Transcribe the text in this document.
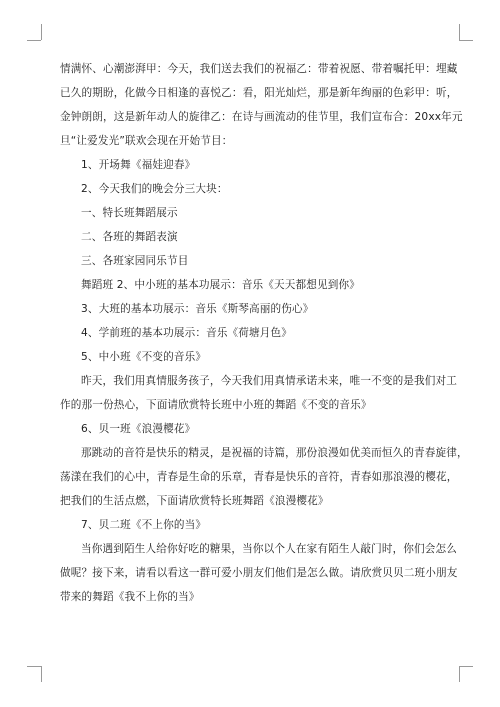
情满怀、心潮澎湃甲：今天，我们送去我们的祝福乙：带着祝愿、带着嘱托甲：埋藏
已久的期盼，化做今日相逢的喜悦乙：看，阳光灿烂，那是新年绚丽的色彩甲：听，
金钟朗朗，这是新年动人的旋律乙：在诗与画流动的佳节里，我们宣布合：20xx年元
旦“让爱发光”联欢会现在开始节目：
1、开场舞《福娃迎春》
2、今天我们的晚会分三大块：
一、特长班舞蹈展示
二、各班的舞蹈表演
三、各班家园同乐节目
舞蹈班 2、中小班的基本功展示：音乐《天天都想见到你》
3、大班的基本功展示：音乐《斯琴高丽的伤心》
4、学前班的基本功展示：音乐《荷塘月色》
5、中小班《不变的音乐》
昨天，我们用真情服务孩子，今天我们用真情承诺未来，唯一不变的是我们对工
作的那一份热心，下面请欣赏特长班中小班的舞蹈《不变的音乐》
6、贝一班《浪漫樱花》
那跳动的音符是快乐的精灵，是祝福的诗篇，那份浪漫如优美而恒久的青春旋律，
荡漾在我们的心中，青春是生命的乐章，青春是快乐的音符，青春如那浪漫的樱花，
把我们的生活点燃，下面请欣赏特长班舞蹈《浪漫樱花》
7、贝二班《不上你的当》
当你遇到陌生人给你好吃的糖果，当你以个人在家有陌生人敲门时，你们会怎么
做呢？接下来，请看以看这一群可爱小朋友们他们是怎么做。请欣赏贝贝二班小朋友
带来的舞蹈《我不上你的当》
